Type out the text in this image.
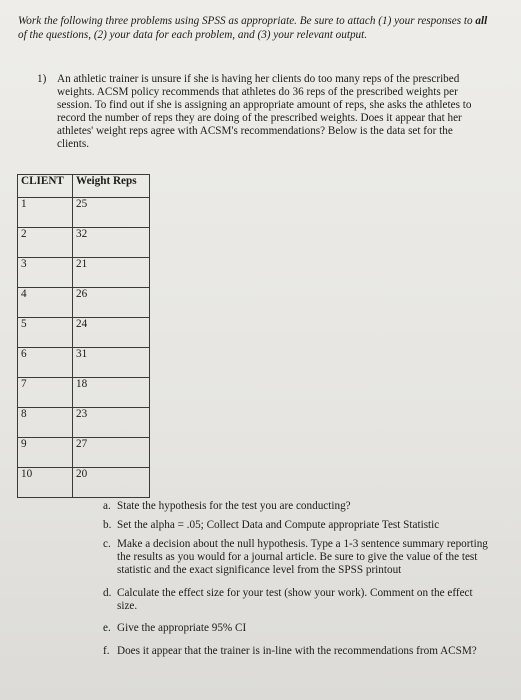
Work the following three problems using SPSS as appropriate. Be sure to attach (1) your responses to all of the questions, (2) your data for each problem, and (3) your relevant output.
1) An athletic trainer is unsure if she is having her clients do too many reps of the prescribed weights. ACSM policy recommends that athletes do 36 reps of the prescribed weights per session. To find out if she is assigning an appropriate amount of reps, she asks the athletes to record the number of reps they are doing of the prescribed weights. Does it appear that her athletes' weight reps agree with ACSM's recommendations? Below is the data set for the clients.
CLIENT	Weight Reps
1	25
2	32
3	21
4	26
5	24
6	31
7	18
8	23
9	27
10	20
a. State the hypothesis for the test you are conducting?
b. Set the alpha = .05; Collect Data and Compute appropriate Test Statistic
c. Make a decision about the null hypothesis. Type a 1-3 sentence summary reporting the results as you would for a journal article. Be sure to give the value of the test statistic and the exact significance level from the SPSS printout
d. Calculate the effect size for your test (show your work). Comment on the effect size.
e. Give the appropriate 95% CI
f. Does it appear that the trainer is in-line with the recommendations from ACSM?
